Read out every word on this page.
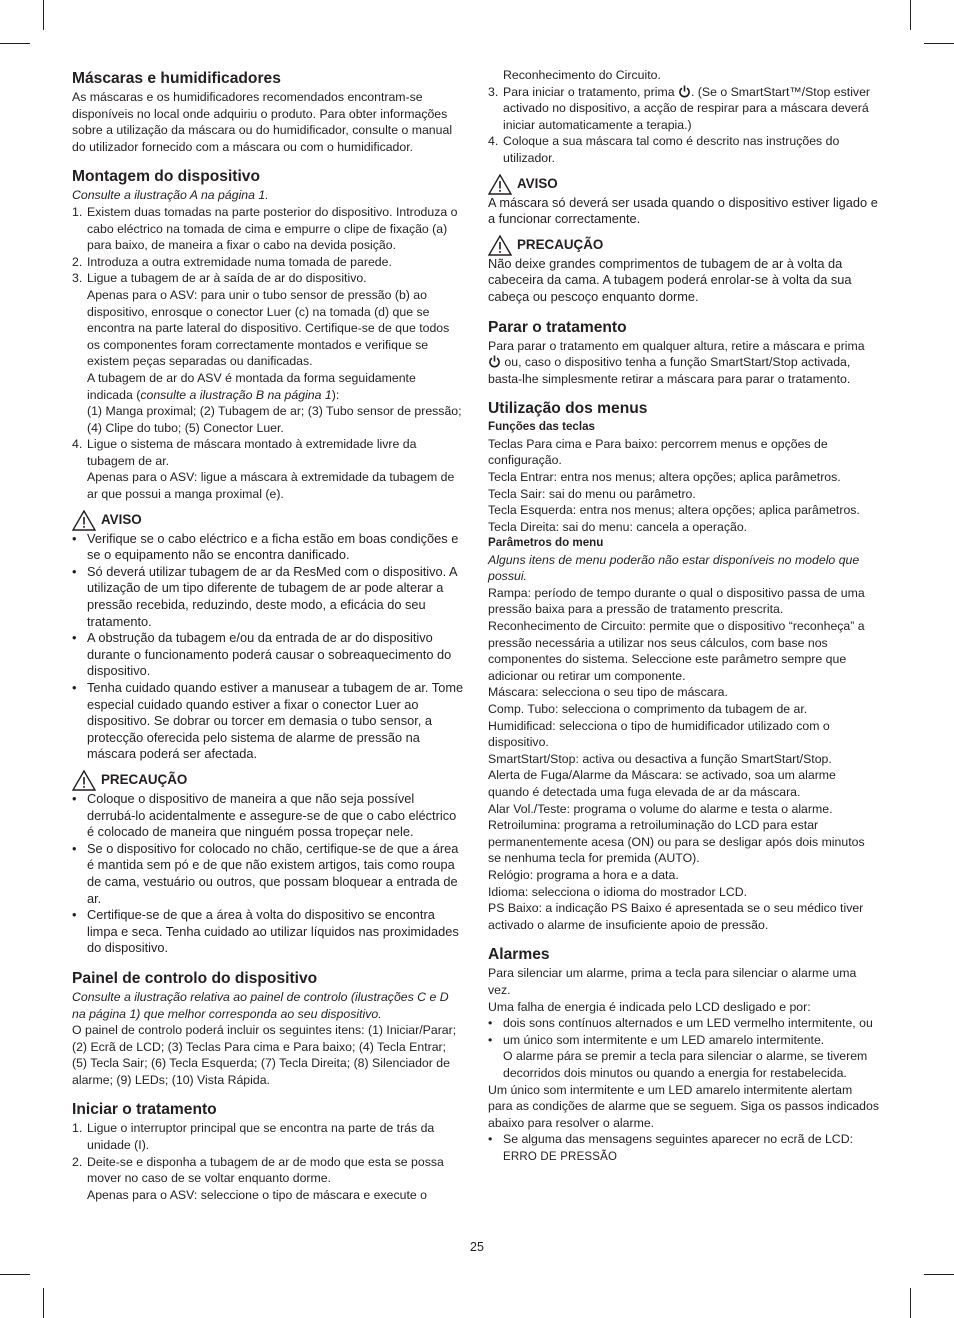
Máscaras e humidificadores

As máscaras e os humidificadores recomendados encontram-se disponíveis no local onde adquiriu o produto. Para obter informações sobre a utilização da máscara ou do humidificador, consulte o manual do utilizador fornecido com a máscara ou com o humidificador.

Montagem do dispositivo

Consulte a ilustração A na página 1.

1. Existem duas tomadas na parte posterior do dispositivo. Introduza o cabo eléctrico na tomada de cima e empurre o clipe de fixação (a) para baixo, de maneira a fixar o cabo na devida posição.
2. Introduza a outra extremidade numa tomada de parede.
3. Ligue a tubagem de ar à saída de ar do dispositivo.
Apenas para o ASV: para unir o tubo sensor de pressão (b) ao dispositivo, enrosque o conector Luer (c) na tomada (d) que se encontra na parte lateral do dispositivo. Certifique-se de que todos os componentes foram correctamente montados e verifique se existem peças separadas ou danificadas.
A tubagem de ar do ASV é montada da forma seguidamente indicada (consulte a ilustração B na página 1):
(1) Manga proximal; (2) Tubagem de ar; (3) Tubo sensor de pressão; (4) Clipe do tubo; (5) Conector Luer.
4. Ligue o sistema de máscara montado à extremidade livre da tubagem de ar.
Apenas para o ASV: ligue a máscara à extremidade da tubagem de ar que possui a manga proximal (e).
AVISO
• Verifique se o cabo eléctrico e a ficha estão em boas condições e se o equipamento não se encontra danificado.
• Só deverá utilizar tubagem de ar da ResMed com o dispositivo. A utilização de um tipo diferente de tubagem de ar pode alterar a pressão recebida, reduzindo, deste modo, a eficácia do seu tratamento.
• A obstrução da tubagem e/ou da entrada de ar do dispositivo durante o funcionamento poderá causar o sobreaquecimento do dispositivo.
• Tenha cuidado quando estiver a manusear a tubagem de ar. Tome especial cuidado quando estiver a fixar o conector Luer ao dispositivo. Se dobrar ou torcer em demasia o tubo sensor, a protecção oferecida pelo sistema de alarme de pressão na máscara poderá ser afectada.
PRECAUÇÃO
• Coloque o dispositivo de maneira a que não seja possível derrubá-lo acidentalmente e assegure-se de que o cabo eléctrico é colocado de maneira que ninguém possa tropeçar nele.
• Se o dispositivo for colocado no chão, certifique-se de que a área é mantida sem pó e de que não existem artigos, tais como roupa de cama, vestuário ou outros, que possam bloquear a entrada de ar.
• Certifique-se de que a área à volta do dispositivo se encontra limpa e seca. Tenha cuidado ao utilizar líquidos nas proximidades do dispositivo.
Painel de controlo do dispositivo

Consulte a ilustração relativa ao painel de controlo (ilustrações C e D na página 1) que melhor corresponda ao seu dispositivo.

O painel de controlo poderá incluir os seguintes itens: (1) Iniciar/Parar; (2) Ecrã de LCD; (3) Teclas Para cima e Para baixo; (4) Tecla Entrar; (5) Tecla Sair; (6) Tecla Esquerda; (7) Tecla Direita; (8) Silenciador de alarme; (9) LEDs; (10) Vista Rápida.

Iniciar o tratamento
1. Ligue o interruptor principal que se encontra na parte de trás da unidade (I).
2. Deite-se e disponha a tubagem de ar de modo que esta se possa mover no caso de se voltar enquanto dorme.
Apenas para o ASV: seleccione o tipo de máscara e execute o
Reconhecimento do Circuito.
3. Para iniciar o tratamento, prima . (Se o SmartStart™/Stop estiver activado no dispositivo, a acção de respirar para a máscara deverá iniciar automaticamente a terapia.)
4. Coloque a sua máscara tal como é descrito nas instruções do utilizador.
AVISO

A máscara só deverá ser usada quando o dispositivo estiver ligado e a funcionar correctamente.

PRECAUÇÃO

Não deixe grandes comprimentos de tubagem de ar à volta da cabeceira da cama. A tubagem poderá enrolar-se à volta da sua cabeça ou pescoço enquanto dorme.

Parar o tratamento

Para parar o tratamento em qualquer altura, retire a máscara e prima  ou, caso o dispositivo tenha a função SmartStart/Stop activada, basta-lhe simplesmente retirar a máscara para parar o tratamento.

Utilização dos menus
Funções das teclas

Teclas Para cima e Para baixo: percorrem menus e opções de configuração.

Tecla Entrar: entra nos menus; altera opções; aplica parâmetros.

Tecla Sair: sai do menu ou parâmetro.

Tecla Esquerda: entra nos menus; altera opções; aplica parâmetros.

Tecla Direita: sai do menu: cancela a operação.

Parâmetros do menu

Alguns itens de menu poderão não estar disponíveis no modelo que possui.

Rampa: período de tempo durante o qual o dispositivo passa de uma pressão baixa para a pressão de tratamento prescrita.

Reconhecimento de Circuito: permite que o dispositivo “reconheça” a pressão necessária a utilizar nos seus cálculos, com base nos componentes do sistema. Seleccione este parâmetro sempre que adicionar ou retirar um componente.

Máscara: selecciona o seu tipo de máscara.

Comp. Tubo: selecciona o comprimento da tubagem de ar.

Humidificad: selecciona o tipo de humidificador utilizado com o dispositivo.

SmartStart/Stop: activa ou desactiva a função SmartStart/Stop.

Alerta de Fuga/Alarme da Máscara: se activado, soa um alarme quando é detectada uma fuga elevada de ar da máscara.

Alar Vol./Teste: programa o volume do alarme e testa o alarme.

Retroilumina: programa a retroiluminação do LCD para estar permanentemente acesa (ON) ou para se desligar após dois minutos se nenhuma tecla for premida (AUTO).

Relógio: programa a hora e a data.

Idioma: selecciona o idioma do mostrador LCD.

PS Baixo: a indicação PS Baixo é apresentada se o seu médico tiver activado o alarme de insuficiente apoio de pressão.

Alarmes

Para silenciar um alarme, prima a tecla para silenciar o alarme uma vez.

Uma falha de energia é indicada pelo LCD desligado e por:

• dois sons contínuos alternados e um LED vermelho intermitente, ou
• um único som intermitente e um LED amarelo intermitente.
O alarme pára se premir a tecla para silenciar o alarme, se tiverem decorridos dois minutos ou quando a energia for restabelecida.

Um único som intermitente e um LED amarelo intermitente alertam para as condições de alarme que se seguem. Siga os passos indicados abaixo para resolver o alarme.

• Se alguma das mensagens seguintes aparecer no ecrã de LCD:
ERRO DE PRESSÃO
25
